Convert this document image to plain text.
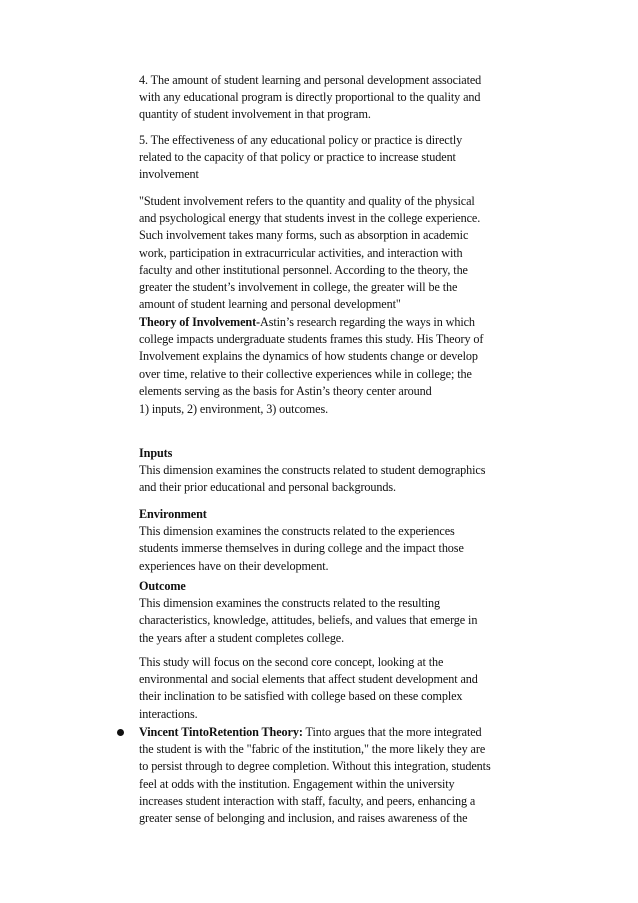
4. The amount of student learning and personal development associated
with any educational program is directly proportional to the quality and
quantity of student involvement in that program.
5. The effectiveness of any educational policy or practice is directly
related to the capacity of that policy or practice to increase student
involvement
"Student involvement refers to the quantity and quality of the physical
and psychological energy that students invest in the college experience.
Such involvement takes many forms, such as absorption in academic
work, participation in extracurricular activities, and interaction with
faculty and other institutional personnel. According to the theory, the
greater the student’s involvement in college, the greater will be the
amount of student learning and personal development"
Theory of Involvement-Astin’s research regarding the ways in which
college impacts undergraduate students frames this study. His Theory of
Involvement explains the dynamics of how students change or develop
over time, relative to their collective experiences while in college; the
elements serving as the basis for Astin’s theory center around
1) inputs, 2) environment, 3) outcomes.
Inputs
This dimension examines the constructs related to student demographics
and their prior educational and personal backgrounds.
Environment
This dimension examines the constructs related to the experiences
students immerse themselves in during college and the impact those
experiences have on their development.
Outcome
This dimension examines the constructs related to the resulting
characteristics, knowledge, attitudes, beliefs, and values that emerge in
the years after a student completes college.
This study will focus on the second core concept, looking at the
environmental and social elements that affect student development and
their inclination to be satisfied with college based on these complex
interactions.
Vincent TintoRetention Theory: Tinto argues that the more integrated
the student is with the "fabric of the institution," the more likely they are
to persist through to degree completion. Without this integration, students
feel at odds with the institution. Engagement within the university
increases student interaction with staff, faculty, and peers, enhancing a
greater sense of belonging and inclusion, and raises awareness of the
